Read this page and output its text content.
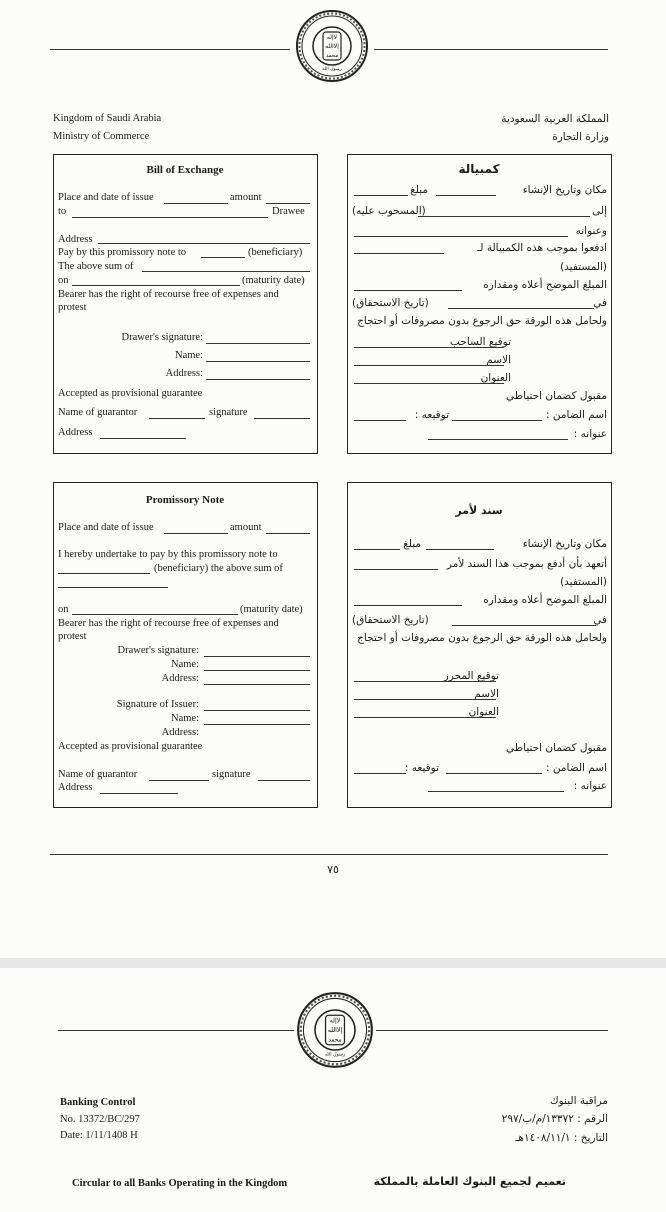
لاإله
إلاالله
محمد
رسول الله
Kingdom of Saudi Arabia
Ministry of Commerce
المملكة العربية السعودية
وزارة التجارة
Bill of Exchange
Place and date of issue	amount
to	Drawee
Address
Pay by this promissory note to	(beneficiary)
The above sum of
on	(maturity date)
Bearer has the right of recourse free of expenses and
protest
Drawer's signature:
Name:
Address:
Accepted as provisional guarantee
Name of guarantor	signature
Address
كمبيالة
مكان وتاريخ الإنشاء
مبلغ
إلى
(المسحوب عليه)
وعنوانه
ادفعوا بموجب هذه الكمبيالة لـ
(المستفيد)
المبلغ الموضح أعلاه ومقداره
في
(تاريخ الاستحقاق)
ولحامل هذه الورقة حق الرجوع بدون مصروفات أو احتجاج
توقيع الساحب
الاسم
العنوان
مقبول كضمان احتياطي
اسم الضامن :
توقيعه :
عنوانه :
Promissory Note
Place and date of issue	amount
I hereby undertake to pay by this promissory note to
(beneficiary) the above sum of
on	(maturity date)
Bearer has the right of recourse free of expenses and
protest
Drawer's signature:
Name:
Address:
Signature of Issuer:
Name:
Address:
Accepted as provisional guarantee
Name of guarantor	signature
Address
سند لأمر
مكان وتاريخ الإنشاء
مبلغ
أتعهد بأن أدفع بموجب هذا السند لأمر
(المستفيد)
المبلغ الموضح أعلاه ومقداره
في
(تاريخ الاستحقاق)
ولحامل هذه الورقة حق الرجوع بدون مصروفات أو احتجاج
توقيع المحرر
الاسم
العنوان
مقبول كضمان احتياطي
اسم الضامن :
توقيعه :
عنوانه :
٧٥
لاإله
إلاالله
محمد
رسول الله
Banking Control
No. 13372/BC/297
Date: 1/11/1408 H
مراقبة البنوك
الرقم : ١٣٣٧٢/م/ب/٢٩٧
التاريخ : ١٤٠٨/١١/١هـ
Circular to all Banks Operating in the Kingdom	تعميم لجميع البنوك العاملة بالمملكة
